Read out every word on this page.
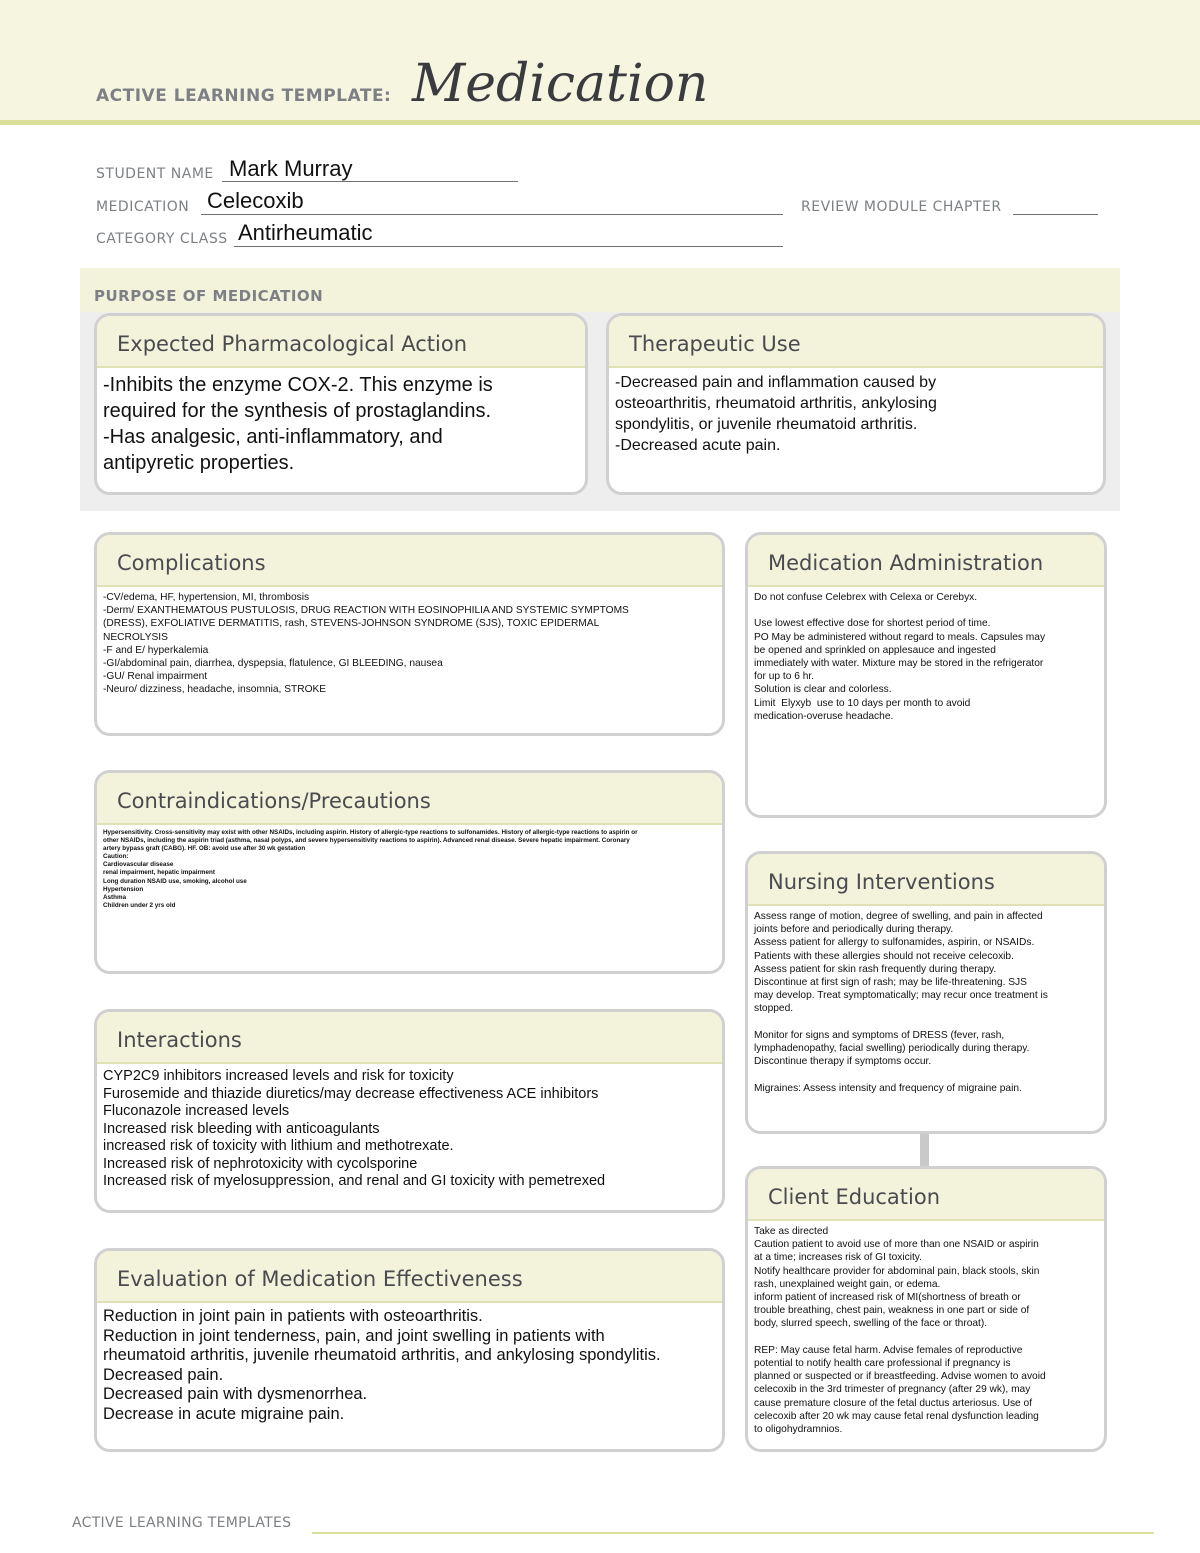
ACTIVE LEARNING TEMPLATE: Medication
STUDENT NAME Mark Murray
MEDICATION Celecoxib	REVIEW MODULE CHAPTER
CATEGORY CLASS Antirheumatic
PURPOSE OF MEDICATION
Expected Pharmacological Action
-Inhibits the enzyme COX-2. This enzyme is
required for the synthesis of prostaglandins.
-Has analgesic, anti-inflammatory, and
antipyretic properties.
Therapeutic Use
-Decreased pain and inflammation caused by
osteoarthritis, rheumatoid arthritis, ankylosing
spondylitis, or juvenile rheumatoid arthritis.
-Decreased acute pain.
Complications
-CV/edema, HF, hypertension, MI, thrombosis
-Derm/ EXANTHEMATOUS PUSTULOSIS, DRUG REACTION WITH EOSINOPHILIA AND SYSTEMIC SYMPTOMS
(DRESS), EXFOLIATIVE DERMATITIS, rash, STEVENS-JOHNSON SYNDROME (SJS), TOXIC EPIDERMAL
NECROLYSIS
-F and E/ hyperkalemia
-GI/abdominal pain, diarrhea, dyspepsia, flatulence, GI BLEEDING, nausea
-GU/ Renal impairment
-Neuro/ dizziness, headache, insomnia, STROKE
Contraindications/Precautions
Hypersensitivity. Cross-sensitivity may exist with other NSAIDs, including aspirin. History of allergic-type reactions to sulfonamides. History of allergic-type reactions to aspirin or
other NSAIDs, including the aspirin triad (asthma, nasal polyps, and severe hypersensitivity reactions to aspirin). Advanced renal disease. Severe hepatic impairment. Coronary
artery bypass graft (CABG). HF. OB: avoid use after 30 wk gestation
Caution:
Cardiovascular disease
renal impairment, hepatic impairment
Long duration NSAID use, smoking, alcohol use
Hypertension
Asthma
Children under 2 yrs old
Interactions
CYP2C9 inhibitors increased levels and risk for toxicity
Furosemide and thiazide diuretics/may decrease effectiveness ACE inhibitors
Fluconazole increased levels
Increased risk bleeding with anticoagulants
increased risk of toxicity with lithium and methotrexate.
Increased risk of nephrotoxicity with cycolsporine
Increased risk of myelosuppression, and renal and GI toxicity with pemetrexed
Evaluation of Medication Effectiveness
Reduction in joint pain in patients with osteoarthritis.
Reduction in joint tenderness, pain, and joint swelling in patients with
rheumatoid arthritis, juvenile rheumatoid arthritis, and ankylosing spondylitis.
Decreased pain.
Decreased pain with dysmenorrhea.
Decrease in acute migraine pain.
Medication Administration
Do not confuse Celebrex with Celexa or Cerebyx.

Use lowest effective dose for shortest period of time.
PO May be administered without regard to meals. Capsules may
be opened and sprinkled on applesauce and ingested
immediately with water. Mixture may be stored in the refrigerator
for up to 6 hr.
Solution is clear and colorless.
Limit  Elyxyb  use to 10 days per month to avoid
medication-overuse headache.
Nursing Interventions
Assess range of motion, degree of swelling, and pain in affected
joints before and periodically during therapy.
Assess patient for allergy to sulfonamides, aspirin, or NSAIDs.
Patients with these allergies should not receive celecoxib.
Assess patient for skin rash frequently during therapy.
Discontinue at first sign of rash; may be life-threatening. SJS
may develop. Treat symptomatically; may recur once treatment is
stopped.

Monitor for signs and symptoms of DRESS (fever, rash,
lymphadenopathy, facial swelling) periodically during therapy.
Discontinue therapy if symptoms occur.

Migraines: Assess intensity and frequency of migraine pain.
Client Education
Take as directed
Caution patient to avoid use of more than one NSAID or aspirin
at a time; increases risk of GI toxicity.
Notify healthcare provider for abdominal pain, black stools, skin
rash, unexplained weight gain, or edema.
inform patient of increased risk of MI(shortness of breath or
trouble breathing, chest pain, weakness in one part or side of
body, slurred speech, swelling of the face or throat).

REP: May cause fetal harm. Advise females of reproductive
potential to notify health care professional if pregnancy is
planned or suspected or if breastfeeding. Advise women to avoid
celecoxib in the 3rd trimester of pregnancy (after 29 wk), may
cause premature closure of the fetal ductus arteriosus. Use of
celecoxib after 20 wk may cause fetal renal dysfunction leading
to oligohydramnios.
ACTIVE LEARNING TEMPLATES
